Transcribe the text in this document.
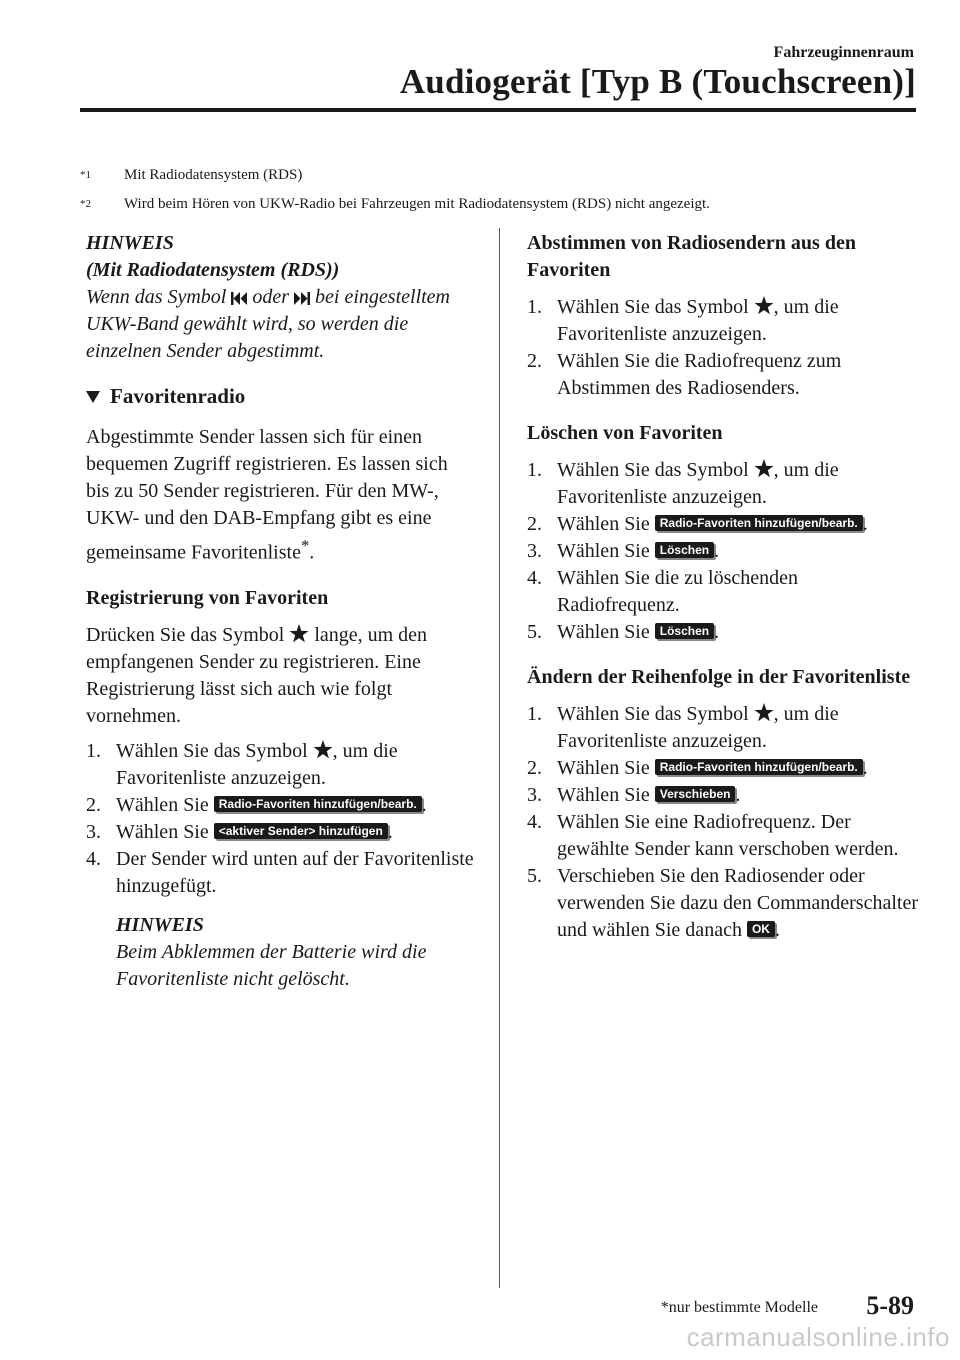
Fahrzeuginnenraum
Audiogerät [Typ B (Touchscreen)]
$^{*1}$	Mit Radiodatensystem (RDS)
$^{*2}$	Wird beim Hören von UKW-Radio bei Fahrzeugen mit Radiodatensystem (RDS) nicht angezeigt.

HINWEIS

(Mit Radiodatensystem (RDS))

Wenn das Symbol oder bei eingestelltem UKW-Band gewählt wird, so werden die einzelnen Sender abgestimmt.

Favoritenradio

Abgestimmte Sender lassen sich für einen bequemen Zugriff registrieren. Es lassen sich bis zu 50 Sender registrieren. Für den MW-, UKW- und den DAB-Empfang gibt es eine gemeinsame Favoritenliste*.

Registrierung von Favoriten

Drücken Sie das Symbol lange, um den empfangenen Sender zu registrieren. Eine Registrierung lässt sich auch wie folgt vornehmen.

1. Wählen Sie das Symbol , um die Favoritenliste anzuzeigen.
2. Wählen Sie Radio-Favoriten hinzufügen/bearb. .
3. Wählen Sie <aktiver Sender> hinzufügen .
4. Der Sender wird unten auf der Favoritenliste hinzugefügt.

HINWEIS

Beim Abklemmen der Batterie wird die Favoritenliste nicht gelöscht.

Abstimmen von Radiosendern aus den Favoriten

1. Wählen Sie das Symbol , um die Favoritenliste anzuzeigen.
2. Wählen Sie die Radiofrequenz zum Abstimmen des Radiosenders.

Löschen von Favoriten

1. Wählen Sie das Symbol , um die Favoritenliste anzuzeigen.
2. Wählen Sie Radio-Favoriten hinzufügen/bearb. .
3. Wählen Sie Löschen .
4. Wählen Sie die zu löschenden Radiofrequenz.
5. Wählen Sie Löschen .

Ändern der Reihenfolge in der Favoritenliste

1. Wählen Sie das Symbol , um die Favoritenliste anzuzeigen.
2. Wählen Sie Radio-Favoriten hinzufügen/bearb. .
3. Wählen Sie Verschieben .
4. Wählen Sie eine Radiofrequenz. Der gewählte Sender kann verschoben werden.
5. Verschieben Sie den Radiosender oder verwenden Sie dazu den Commanderschalter und wählen Sie danach OK .
*nur bestimmte Modelle 5-89
carmanualsonline.info
